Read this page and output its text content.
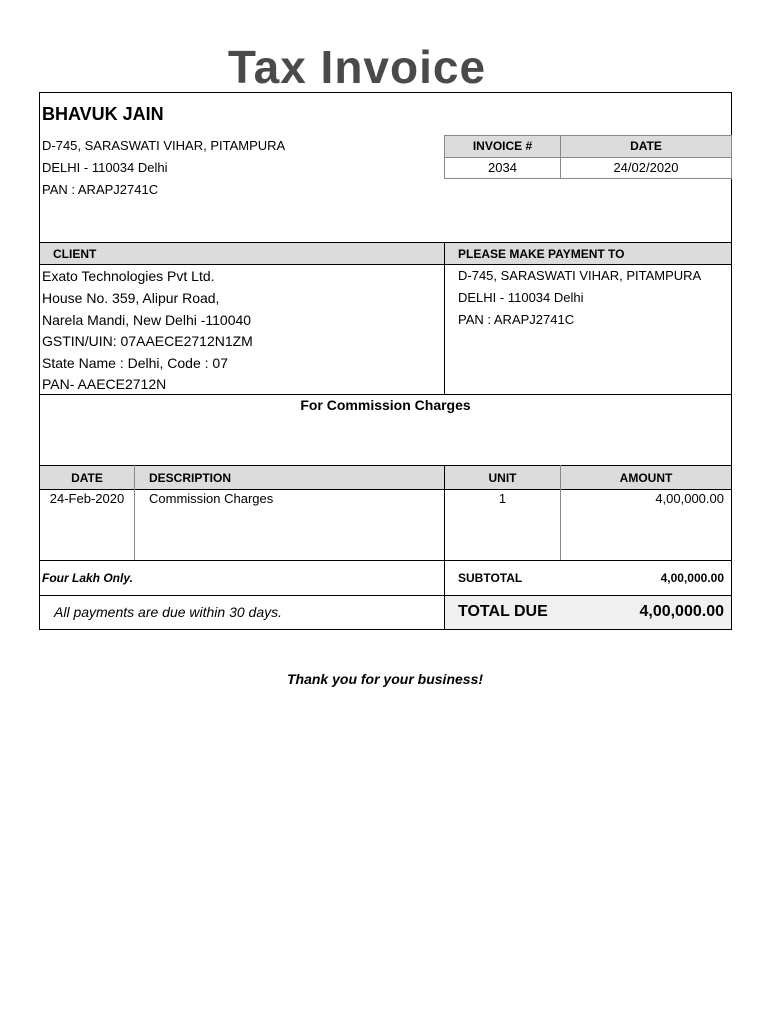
Tax Invoice
BHAVUK JAIN
D-745, SARASWATI VIHAR, PITAMPURA
DELHI - 110034 Delhi
PAN : ARAPJ2741C
INVOICE #	DATE
2034	24/02/2020
CLIENT	PLEASE MAKE PAYMENT TO
Exato Technologies Pvt Ltd.
House No. 359, Alipur Road,
Narela Mandi, New Delhi -110040
GSTIN/UIN: 07AAECE2712N1ZM
State Name : Delhi, Code : 07
PAN- AAECE2712N
D-745, SARASWATI VIHAR, PITAMPURA
DELHI - 110034 Delhi
PAN : ARAPJ2741C
For Commission Charges
DATE	DESCRIPTION	UNIT	AMOUNT
24-Feb-2020	Commission Charges	1	4,00,000.00
Four Lakh Only.	SUBTOTAL	4,00,000.00
All payments are due within 30 days.	TOTAL DUE	4,00,000.00
Thank you for your business!
